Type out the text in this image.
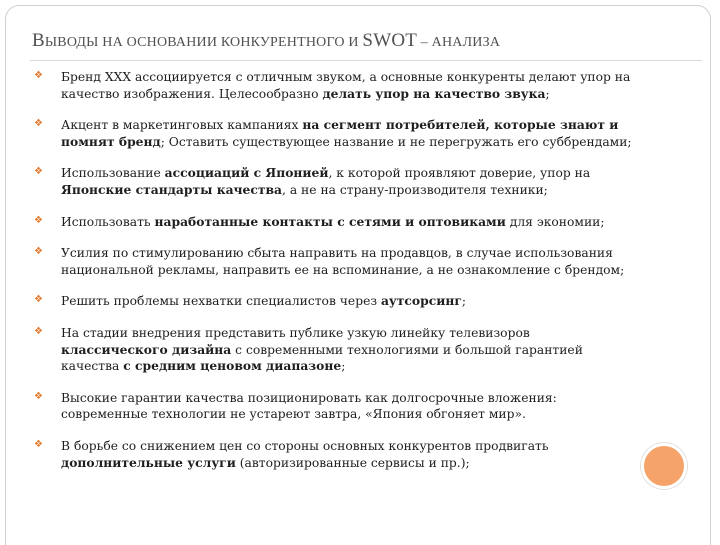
ВЫВОДЫ НА ОСНОВАНИИ КОНКУРЕНТНОГО И SWOT – АНАЛИЗА
❖ Бренд ХХХ ассоциируется с отличным звуком, а основные конкуренты делают упор на качество изображения. Целесообразно делать упор на качество звука;
❖ Акцент в маркетинговых кампаниях на сегмент потребителей, которые знают и помнят бренд; Оставить существующее название и не перегружать его суббрендами;
❖ Использование ассоциаций с Японией, к которой проявляют доверие, упор на Японские стандарты качества, а не на страну-производителя техники;
❖ Использовать наработанные контакты с сетями и оптовиками для экономии;
❖ Усилия по стимулированию сбыта направить на продавцов, в случае использования национальной рекламы, направить ее на вспоминание, а не ознакомление с брендом;
❖ Решить проблемы нехватки специалистов через аутсорсинг;
❖ На стадии внедрения представить публике узкую линейку телевизоров классического дизайна с современными технологиями и большой гарантией качества с средним ценовом диапазоне;
❖ Высокие гарантии качества позиционировать как долгосрочные вложения: современные технологии не устареют завтра, «Япония обгоняет мир».
❖ В борьбе со снижением цен со стороны основных конкурентов продвигать дополнительные услуги (авторизированные сервисы и пр.);
